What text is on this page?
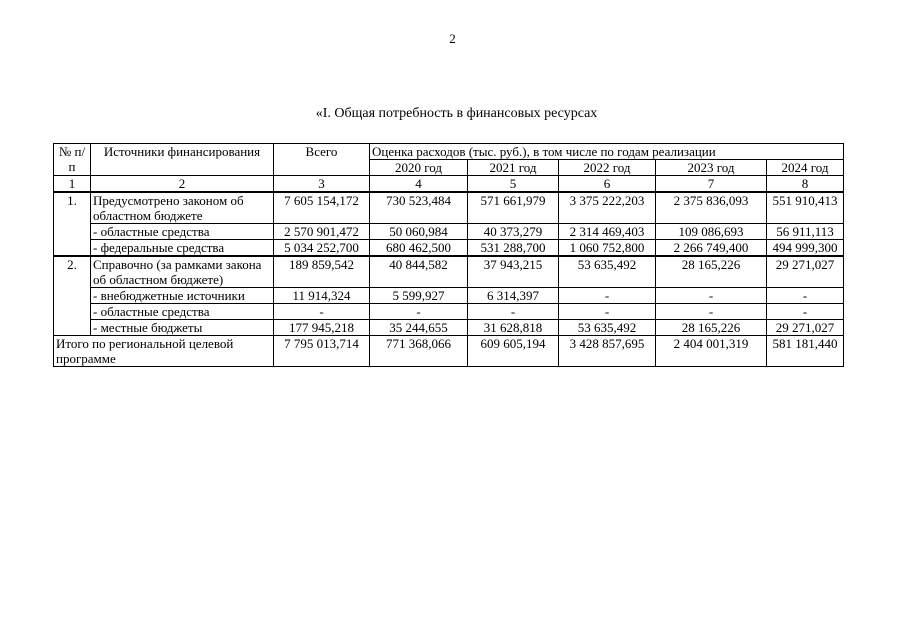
2
«I. Общая потребность в финансовых ресурсах
№ п/п	Источники финансирования	Всего	Оценка расходов (тыс. руб.), в том числе по годам реализации				
			2020 год	2021 год	2022 год	2023 год	2024 год
1	2	3	4	5	6	7	8
1.	Предусмотрено законом об областном бюджете	7 605 154,172	730 523,484	571 661,979	3 375 222,203	2 375 836,093	551 910,413
	- областные средства	2 570 901,472	50 060,984	40 373,279	2 314 469,403	109 086,693	56 911,113
	- федеральные средства	5 034 252,700	680 462,500	531 288,700	1 060 752,800	2 266 749,400	494 999,300
2.	Справочно (за рамками закона об областном бюджете)	189 859,542	40 844,582	37 943,215	53 635,492	28 165,226	29 271,027
	- внебюджетные источники	11 914,324	5 599,927	6 314,397	-	-	-
	- областные средства	-	-	-	-	-	-
	- местные бюджеты	177 945,218	35 244,655	31 628,818	53 635,492	28 165,226	29 271,027
Итого по региональной целевой программе		7 795 013,714	771 368,066	609 605,194	3 428 857,695	2 404 001,319	581 181,440
